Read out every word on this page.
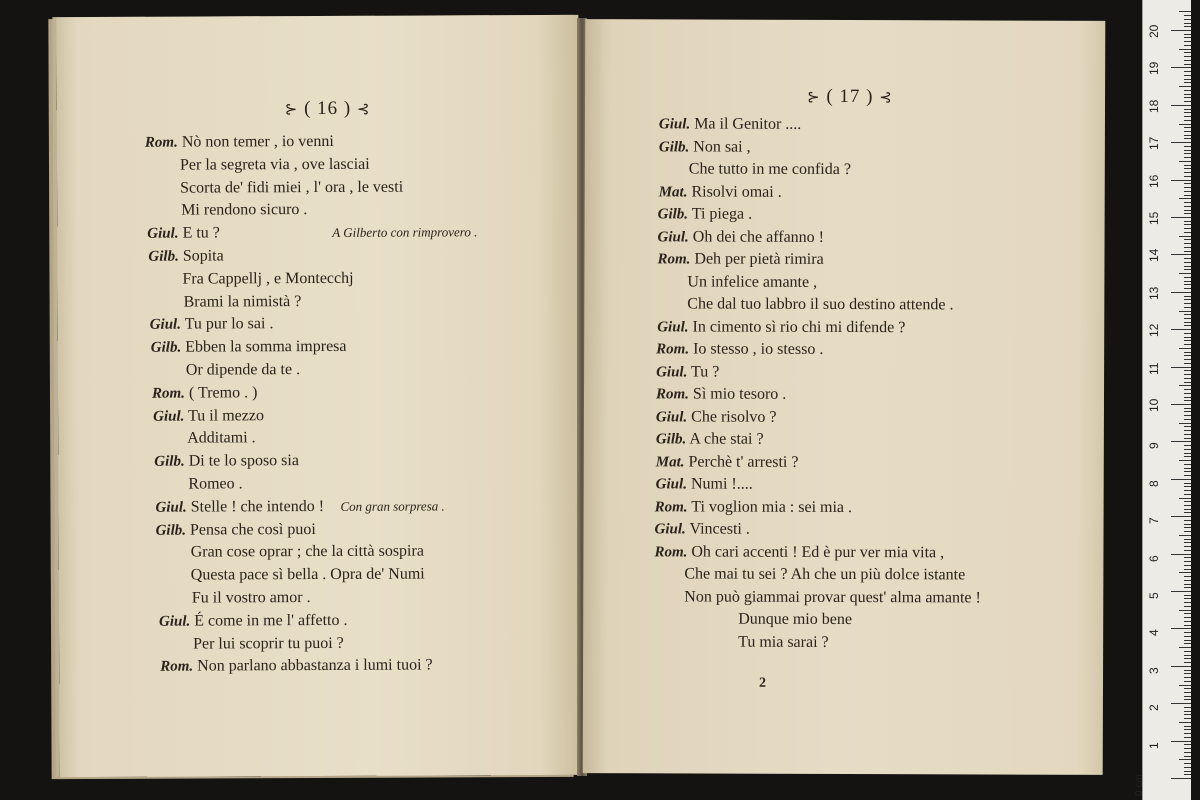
⊱ ( 16 ) ⊰
Rom. Nò non temer , io venni
Per la segreta via , ove lasciai
Scorta de' fidi miei , l' ora , le vesti
Mi rendono sicuro .
Giul. E tu ?	A Gilberto con rimprovero .
Gilb. Sopita
Fra Cappellj , e Montecchj
Brami la nimistà ?
Giul. Tu pur lo sai .
Gilb. Ebben la somma impresa
Or dipende da te .
Rom. ( Tremo . )
Giul. Tu il mezzo
Additami .
Gilb. Di te lo sposo sia
Romeo .
Giul. Stelle ! che intendo ! Con gran sorpresa .
Gilb. Pensa che così puoi
Gran cose oprar ; che la città sospira
Questa pace sì bella . Opra de' Numi
Fu il vostro amor .
Giul. É come in me l' affetto .
Per lui scoprir tu puoi ?
Rom. Non parlano abbastanza i lumi tuoi ?
⊱ ( 17 ) ⊰
Giul. Ma il Genitor ....
Gilb. Non sai ,
Che tutto in me confida ?
Mat. Risolvi omai .
Gilb. Ti piega .
Giul. Oh dei che affanno !
Rom. Deh per pietà rimira
Un infelice amante ,
Che dal tuo labbro il suo destino attende .
Giul. In cimento sì rio chi mi difende ?
Rom. Io stesso , io stesso .
Giul. Tu ?
Rom. Sì mio tesoro .
Giul. Che risolvo ?
Gilb. A che stai ?
Mat. Perchè t' arresti ?
Giul. Numi !....
Rom. Ti voglion mia : sei mia .
Giul. Vincesti .
Rom. Oh cari accenti ! Ed è pur ver mia vita ,
Che mai tu sei ? Ah che un più dolce istante
Non può giammai provar quest' alma amante !
Dunque mio bene
Tu mia sarai ?
2
0 cm
1
2
3
4
5
6
7
8
9
10
11
12
13
14
15
16
17
18
19
20
